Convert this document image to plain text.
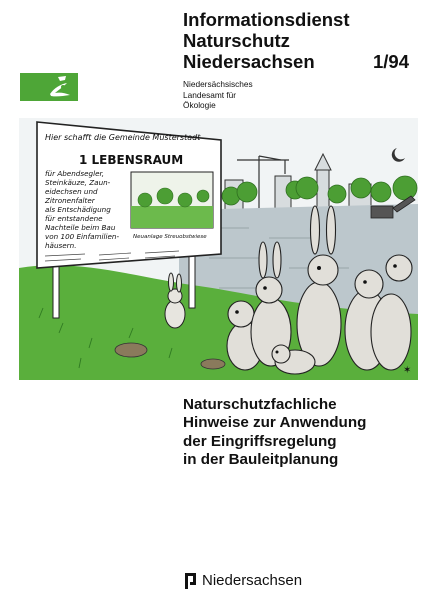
Informationsdienst
Naturschutz
Niedersachsen	1/94
Niedersächsisches
Landesamt für
Ökologie
Hier schafft die Gemeinde Musterstadt
1 LEBENSRAUM
für Abendsegler,
Steinkäuze, Zaun-
eidechsen und
Zitronenfalter
als Entschädigung
für entstandene
Nachteile beim Bau
von 100 Einfamilien-
häusern.
Neuanlage Streuobstwiese
✶
Naturschutzfachliche
Hinweise zur Anwendung
der Eingriffsregelung
in der Bauleitplanung
Niedersachsen
